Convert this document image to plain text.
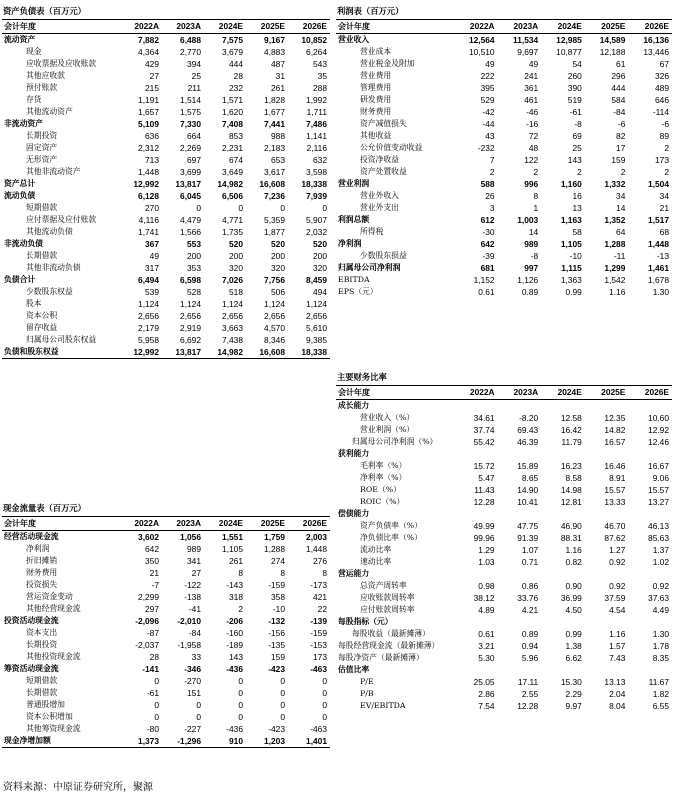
资产负债表（百万元）
会计年度	2022A	2023A	2024E	2025E	2026E
流动资产	7,882	6,488	7,575	9,167	10,852
现金	4,364	2,770	3,679	4,883	6,264
应收票据及应收账款	429	394	444	487	543
其他应收款	27	25	28	31	35
预付账款	215	211	232	261	288
存货	1,191	1,514	1,571	1,828	1,992
其他流动资产	1,657	1,575	1,620	1,677	1,711
非流动资产	5,109	7,330	7,408	7,441	7,486
长期投资	636	664	853	988	1,141
固定资产	2,312	2,269	2,231	2,183	2,116
无形资产	713	697	674	653	632
其他非流动资产	1,448	3,699	3,649	3,617	3,598
资产总计	12,992	13,817	14,982	16,608	18,338
流动负债	6,128	6,045	6,506	7,236	7,939
短期借款	270	0	0	0	0
应付票据及应付账款	4,116	4,479	4,771	5,359	5,907
其他流动负债	1,741	1,566	1,735	1,877	2,032
非流动负债	367	553	520	520	520
长期借款	49	200	200	200	200
其他非流动负债	317	353	320	320	320
负债合计	6,494	6,598	7,026	7,756	8,459
少数股东权益	539	528	518	506	494
股本	1,124	1,124	1,124	1,124	1,124
资本公积	2,656	2,656	2,656	2,656	2,656
留存收益	2,179	2,919	3,663	4,570	5,610
归属母公司股东权益	5,958	6,692	7,438	8,346	9,385
负债和股东权益	12,992	13,817	14,982	16,608	18,338
利润表（百万元）
会计年度	2022A	2023A	2024E	2025E	2026E
营业收入	12,564	11,534	12,985	14,589	16,136
营业成本	10,510	9,697	10,877	12,188	13,446
营业税金及附加	49	49	54	61	67
营业费用	222	241	260	296	326
管理费用	395	361	390	444	489
研发费用	529	461	519	584	646
财务费用	-42	-46	-61	-84	-114
资产减值损失	-44	-16	-8	-6	-6
其他收益	43	72	69	82	89
公允价值变动收益	-232	48	25	17	2
投资净收益	7	122	143	159	173
资产处置收益	2	2	2	2	2
营业利润	588	996	1,160	1,332	1,504
营业外收入	26	8	16	34	34
营业外支出	3	1	13	14	21
利润总额	612	1,003	1,163	1,352	1,517
所得税	-30	14	58	64	68
净利润	642	989	1,105	1,288	1,448
少数股东损益	-39	-8	-10	-11	-13
归属母公司净利润	681	997	1,115	1,299	1,461
EBITDA	1,152	1,126	1,363	1,542	1,678
EPS（元）	0.61	0.89	0.99	1.16	1.30
主要财务比率
会计年度	2022A	2023A	2024E	2025E	2026E
成长能力					
营业收入（%）	34.61	-8.20	12.58	12.35	10.60
营业利润（%）	37.74	69.43	16.42	14.82	12.92
归属母公司净利润（%）	55.42	46.39	11.79	16.57	12.46
获利能力					
毛利率（%）	15.72	15.89	16.23	16.46	16.67
净利率（%）	5.47	8.65	8.58	8.91	9.06
ROE（%）	11.43	14.90	14.98	15.57	15.57
ROIC（%）	12.28	10.41	12.81	13.33	13.27
偿债能力					
资产负债率（%）	49.99	47.75	46.90	46.70	46.13
净负债比率（%）	99.96	91.39	88.31	87.62	85.63
流动比率	1.29	1.07	1.16	1.27	1.37
速动比率	1.03	0.71	0.82	0.92	1.02
营运能力					
总资产周转率	0.98	0.86	0.90	0.92	0.92
应收账款周转率	38.12	33.76	36.99	37.59	37.63
应付账款周转率	4.89	4.21	4.50	4.54	4.49
每股指标（元）					
每股收益（最新摊薄）	0.61	0.89	0.99	1.16	1.30
每股经营现金流（最新摊薄）	3.21	0.94	1.38	1.57	1.78
每股净资产（最新摊薄）	5.30	5.96	6.62	7.43	8.35
估值比率					
P/E	25.05	17.11	15.30	13.13	11.67
P/B	2.86	2.55	2.29	2.04	1.82
EV/EBITDA	7.54	12.28	9.97	8.04	6.55
现金流量表（百万元）
会计年度	2022A	2023A	2024E	2025E	2026E
经营活动现金流	3,602	1,056	1,551	1,759	2,003
净利润	642	989	1,105	1,288	1,448
折旧摊销	350	341	261	274	276
财务费用	21	27	8	8	8
投资损失	-7	-122	-143	-159	-173
营运资金变动	2,299	-138	318	358	421
其他经营现金流	297	-41	2	-10	22
投资活动现金流	-2,096	-2,010	-206	-132	-139
资本支出	-87	-84	-160	-156	-159
长期投资	-2,037	-1,958	-189	-135	-153
其他投资现金流	28	33	143	159	173
筹资活动现金流	-141	-346	-436	-423	-463
短期借款	0	-270	0	0	0
长期借款	-61	151	0	0	0
普通股增加	0	0	0	0	0
资本公积增加	0	0	0	0	0
其他筹资现金流	-80	-227	-436	-423	-463
现金净增加额	1,373	-1,296	910	1,203	1,401
资料来源：中原证券研究所，聚源
